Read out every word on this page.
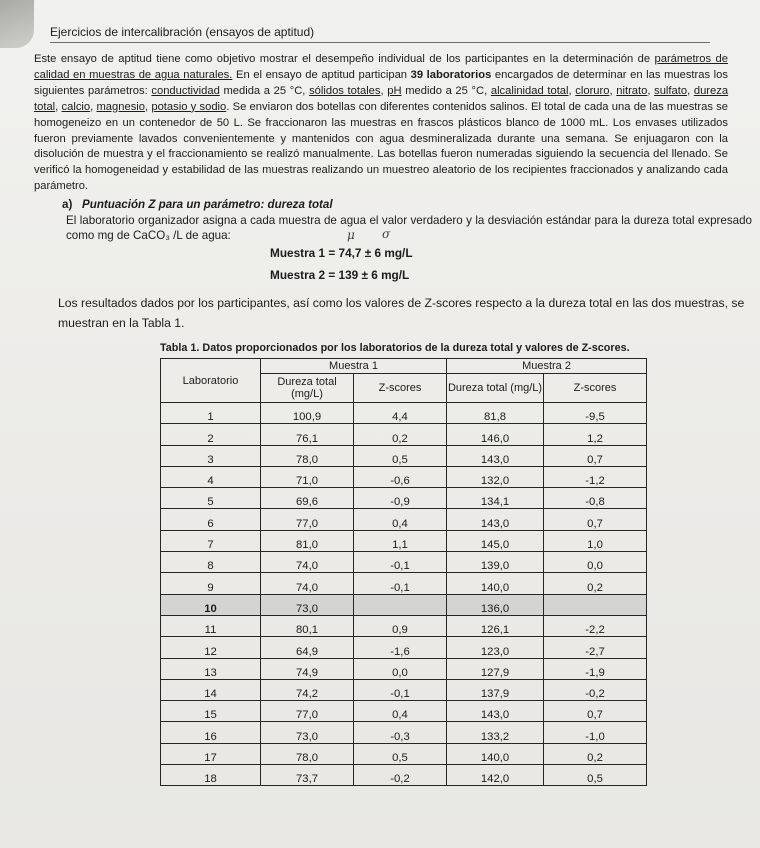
Ejercicios de intercalibración (ensayos de aptitud)
Este ensayo de aptitud tiene como objetivo mostrar el desempeño individual de los participantes en la determinación de parámetros de calidad en muestras de agua naturales. En el ensayo de aptitud participan 39 laboratorios encargados de determinar en las muestras los siguientes parámetros: conductividad medida a 25 °C, sólidos totales, pH medido a 25 °C, alcalinidad total, cloruro, nitrato, sulfato, dureza total, calcio, magnesio, potasio y sodio. Se enviaron dos botellas con diferentes contenidos salinos. El total de cada una de las muestras se homogeneizo en un contenedor de 50 L. Se fraccionaron las muestras en frascos plásticos blanco de 1000 mL. Los envases utilizados fueron previamente lavados convenientemente y mantenidos con agua desmineralizada durante una semana. Se enjuagaron con la disolución de muestra y el fraccionamiento se realizó manualmente. Las botellas fueron numeradas siguiendo la secuencia del llenado. Se verificó la homogeneidad y estabilidad de las muestras realizando un muestreo aleatorio de los recipientes fraccionados y analizando cada parámetro.
a) Puntuación Z para un parámetro: dureza total
El laboratorio organizador asigna a cada muestra de agua el valor verdadero y la desviación estándar para la dureza total expresado como mg de CaCO₃ /L de agua:	μ σ
Muestra 1 = 74,7 ± 6 mg/L
Muestra 2 = 139 ± 6 mg/L
Los resultados dados por los participantes, así como los valores de Z-scores respecto a la dureza total en las dos muestras, se muestran en la Tabla 1.
Tabla 1. Datos proporcionados por los laboratorios de la dureza total y valores de Z-scores.
Laboratorio	Muestra 1		Muestra 2	
	Dureza total (mg/L)	Z-scores	Dureza total (mg/L)	Z-scores
1	100,9	4,4	81,8	-9,5
2	76,1	0,2	146,0	1,2
3	78,0	0,5	143,0	0,7
4	71,0	-0,6	132,0	-1,2
5	69,6	-0,9	134,1	-0,8
6	77,0	0,4	143,0	0,7
7	81,0	1,1	145,0	1,0
8	74,0	-0,1	139,0	0,0
9	74,0	-0,1	140,0	0,2
10	73,0		136,0	
11	80,1	0,9	126,1	-2,2
12	64,9	-1,6	123,0	-2,7
13	74,9	0,0	127,9	-1,9
14	74,2	-0,1	137,9	-0,2
15	77,0	0,4	143,0	0,7
16	73,0	-0,3	133,2	-1,0
17	78,0	0,5	140,0	0,2
18	73,7	-0,2	142,0	0,5
